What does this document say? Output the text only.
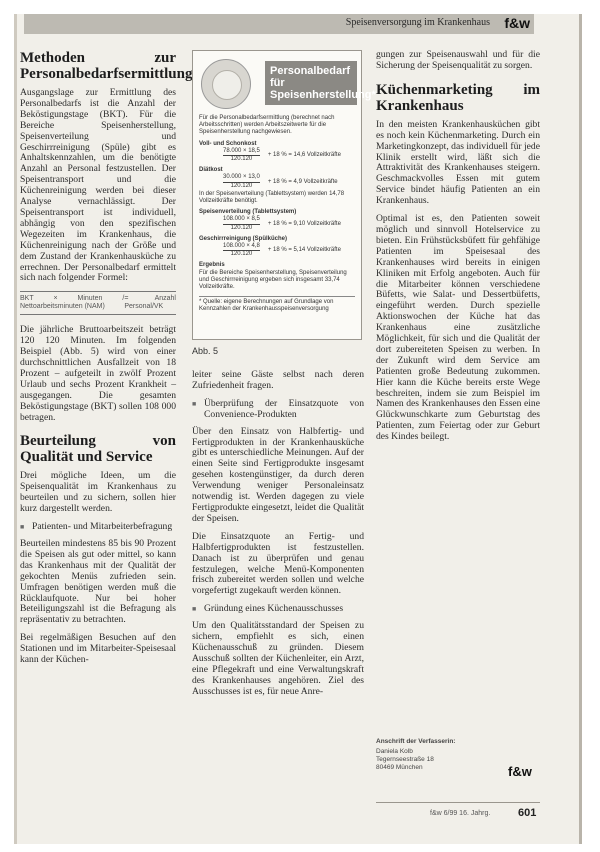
Speisenversorgung im Krankenhaus f&w
Methoden zur Personalbedarfsermittlung

Ausgangslage zur Ermittlung des Personalbedarfs ist die Anzahl der Beköstigungstage (BKT). Für die Bereiche Speisenherstellung, Speisenverteilung und Geschirrreinigung (Spüle) gibt es Anhaltskennzahlen, um die benötigte Anzahl an Personal festzustellen. Der Speisentransport und die Küchenreinigung werden bei dieser Analyse vernachlässigt. Der Speisentransport ist individuell, abhängig von den spezifischen Wegezeiten im Krankenhaus, die Küchenreinigung nach der Größe und dem Zustand der Krankenhausküche zu errechnen. Der Personalbedarf ermittelt sich nach folgender Formel:

BKT × Minuten / Nettoarbeitsminuten (NAM)
= Anzahl Personal/VK

Die jährliche Bruttoarbeitszeit beträgt 120 120 Minuten. Im folgenden Beispiel (Abb. 5) wird von einer durchschnittlichen Ausfallzeit von 18 Prozent – aufgeteilt in zwölf Prozent Urlaub und sechs Prozent Krankheit – ausgegangen. Die gesamten Beköstigungstage (BKT) sollen 108 000 betragen.

Beurteilung von Qualität und Service

Drei mögliche Ideen, um die Speisenqualität im Krankenhaus zu beurteilen und zu sichern, sollen hier kurz dargestellt werden.

■ Patienten- und Mitarbeiterbefragung

Beurteilen mindestens 85 bis 90 Prozent die Speisen als gut oder mittel, so kann das Krankenhaus mit der Qualität der gekochten Menüs zufrieden sein. Umfragen benötigen werden muß die Rücklaufquote. Nur bei hoher Beteiligungszahl ist die Befragung als repräsentativ zu betrachten.

Bei regelmäßigen Besuchen auf den Stationen und im Mitarbeiter-Speisesaal kann der Küchen-

Personalbedarf für Speisenherstellung*
Für die Personalbedarfsermittlung (berechnet nach Arbeitsschritten) werden Arbeitszeitwerte für die Speisenherstellung nachgewiesen.
Voll- und Schonkost
$\frac{78.000 \times 18,5}{120.120} + 18$ % = 14,6 Vollzeitkräfte
Diätkost
$\frac{30.000 \times 13,0}{120.120} + 18$ % = 4,9 Vollzeitkräfte
In der Speisenverteilung (Tablettsystem) werden 14,78 Vollzeitkräfte benötigt.
Speisenverteilung (Tablettsystem)
$\frac{108.000 \times 8,5}{120.120} + 18$ % = 9,10 Vollzeitkräfte
Geschirrreinigung (Spülküche)
$\frac{108.000 \times 4,8}{120.120} + 18$ % = 5,14 Vollzeitkräfte
Ergebnis
Für die Bereiche Speisenherstellung, Speisenverteilung und Geschirrreinigung ergeben sich insgesamt 33,74 Vollzeitkräfte.
* Quelle: eigene Berechnungen auf Grundlage von Kennzahlen der Krankenhausspeisenversorgung
Abb. 5

leiter seine Gäste selbst nach deren Zufriedenheit fragen.

■ Überprüfung der Einsatzquote von Convenience-Produkten

Über den Einsatz von Halbfertig- und Fertigprodukten in der Krankenhausküche gibt es unterschiedliche Meinungen. Auf der einen Seite sind Fertigprodukte insgesamt gesehen kostengünstiger, da durch deren Verwendung weniger Personaleinsatz notwendig ist. Werden dagegen zu viele Fertigprodukte eingesetzt, leidet die Qualität der Speisen.

Die Einsatzquote an Fertig- und Halbfertigprodukten ist festzustellen. Danach ist zu überprüfen und genau festzulegen, welche Menü-Komponenten frisch zubereitet werden sollen und welche vorgefertigt zugekauft werden können.

■ Gründung eines Küchenausschusses

Um den Qualitätsstandard der Speisen zu sichern, empfiehlt es sich, einen Küchenausschuß zu gründen. Diesem Ausschuß sollten der Küchenleiter, ein Arzt, eine Pflegekraft und eine Verwaltungskraft des Krankenhauses angehören. Ziel des Ausschusses ist es, für neue Anre-

gungen zur Speisenauswahl und für die Sicherung der Speisenqualität zu sorgen.

Küchenmarketing im Krankenhaus

In den meisten Krankenhausküchen gibt es noch kein Küchenmarketing. Durch ein Marketingkonzept, das individuell für jede Klinik erstellt wird, läßt sich die Attraktivität des Krankenhauses steigern. Geschmackvolles Essen mit gutem Service bindet häufig Patienten an ein Krankenhaus.

Optimal ist es, den Patienten soweit möglich und sinnvoll Hotelservice zu bieten. Ein Frühstücksbüfett für gehfähige Patienten im Speisesaal des Krankenhauses wird bereits in einigen Kliniken mit Erfolg angeboten. Auch für die Mitarbeiter können verschiedene Büfetts, wie Salat- und Dessertbüfetts, eingeführt werden. Durch spezielle Aktionswochen der Küche hat das Krankenhaus eine zusätzliche Möglichkeit, für sich und die Qualität der dort zubereiteten Speisen zu werben. In der Zukunft wird dem Service am Patienten große Bedeutung zukommen. Hier kann die Küche bereits erste Wege beschreiten, indem sie zum Beispiel im Namen des Krankenhauses den Essen eine Glückwunschkarte zum Geburtstag des Patienten, zum Feiertag oder zur Geburt des Kindes beilegt.

Anschrift der Verfasserin:
Daniela Kolb
Tegernseestraße 18
80469 München	f&w
f&w 6/99 16. Jahrg.	601
